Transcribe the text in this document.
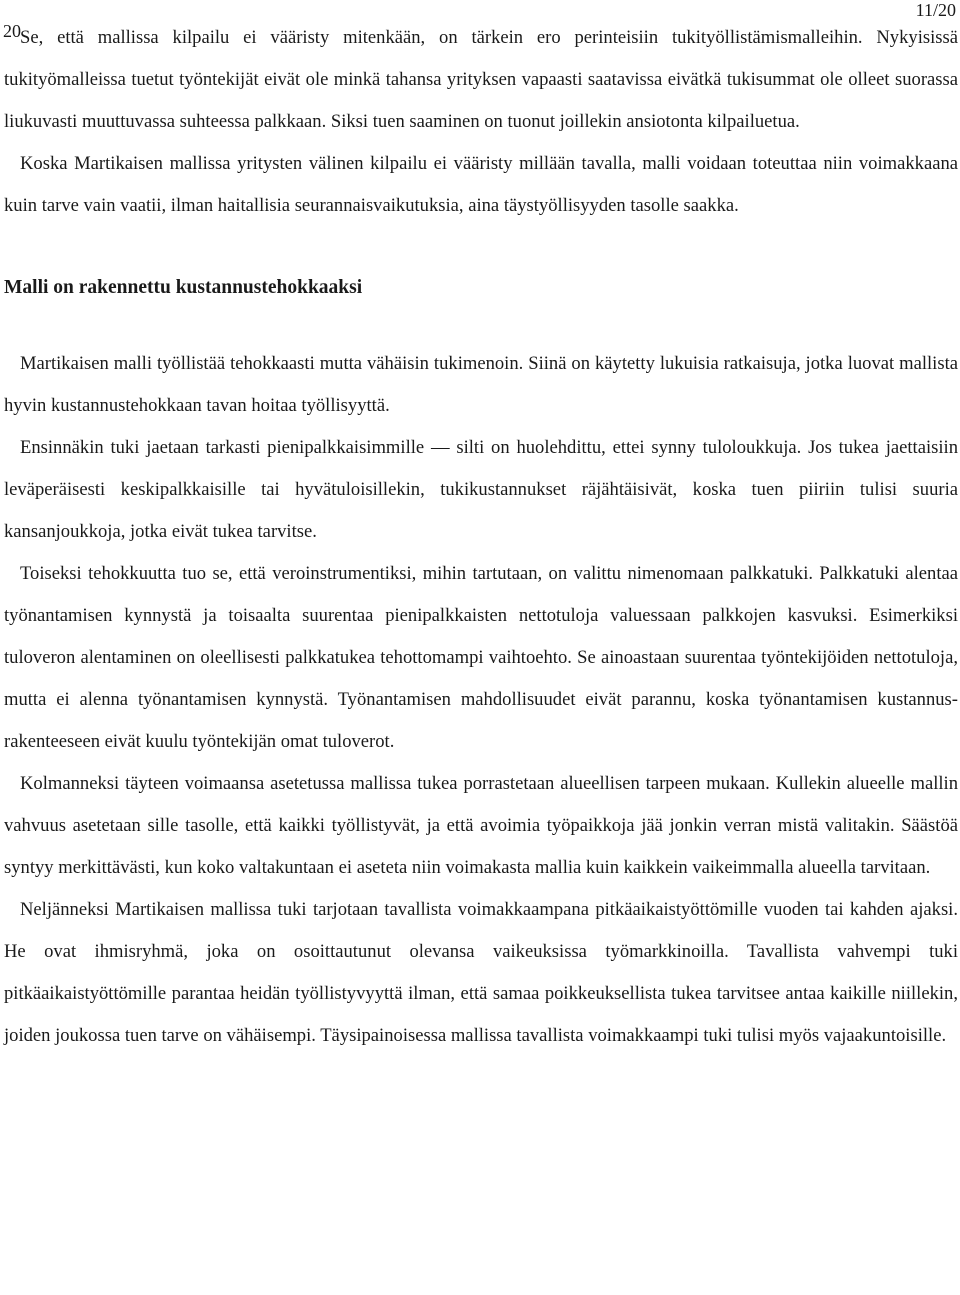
20
11/20

Se, että mallissa kilpailu ei vääristy mitenkään, on tärkein ero perinteisiin tukityöllistämismalleihin. Nykyisissä tukityömalleissa tuetut työntekijät eivät ole minkä tahansa yrityksen vapaasti saatavissa eivätkä tukisummat ole olleet suorassa liukuvasti muuttuvassa suhteessa palkkaan. Siksi tuen saaminen on tuonut joillekin ansiotonta kilpailuetua.

Koska Martikaisen mallissa yritysten välinen kilpailu ei vääristy millään tavalla, malli voidaan toteuttaa niin voimakkaana kuin tarve vain vaatii, ilman haitallisia seurannaisvaikutuksia, aina täystyöllisyyden tasolle saakka.

Malli on rakennettu kustannustehokkaaksi

Martikaisen malli työllistää tehokkaasti mutta vähäisin tukimenoin. Siinä on käytetty lukuisia ratkaisuja, jotka luovat mallista hyvin kustannustehokkaan tavan hoitaa työllisyyttä.

Ensinnäkin tuki jaetaan tarkasti pienipalkkaisimmille — silti on huolehdittu, ettei synny tuloloukkuja. Jos tukea jaettaisiin leväperäisesti keskipalkkaisille tai hyvätuloisillekin, tukikustannukset räjähtäisivät, koska tuen piiriin tulisi suuria kansanjoukkoja, jotka eivät tukea tarvitse.

Toiseksi tehokkuutta tuo se, että veroinstrumentiksi, mihin tartutaan, on valittu nimenomaan palkkatuki. Palkkatuki alentaa työnantamisen kynnystä ja toisaalta suurentaa pienipalkkaisten nettotuloja valuessaan palkkojen kasvuksi. Esimerkiksi tuloveron alentaminen on oleellisesti palkkatukea tehottomampi vaihtoehto. Se ainoastaan suurentaa työntekijöiden nettotuloja, mutta ei alenna työnantamisen kynnystä. Työnantamisen mahdollisuudet eivät parannu, koska työnantamisen kustannusrakenteeseen eivät kuulu työntekijän omat tuloverot.

Kolmanneksi täyteen voimaansa asetetussa mallissa tukea porrastetaan alueellisen tarpeen mukaan. Kullekin alueelle mallin vahvuus asetetaan sille tasolle, että kaikki työllistyvät, ja että avoimia työpaikkoja jää jonkin verran mistä valitakin. Säästöä syntyy merkittävästi, kun koko valtakuntaan ei aseteta niin voimakasta mallia kuin kaikkein vaikeimmalla alueella tarvitaan.

Neljänneksi Martikaisen mallissa tuki tarjotaan tavallista voimakkaampana pitkäaikaistyöttömille vuoden tai kahden ajaksi. He ovat ihmisryhmä, joka on osoittautunut olevansa vaikeuksissa työmarkkinoilla. Tavallista vahvempi tuki pitkäaikaistyöttömille parantaa heidän työllistyvyyttä ilman, että samaa poikkeuksellista tukea tarvitsee antaa kaikille niillekin, joiden joukossa tuen tarve on vähäisempi. Täysipainoisessa mallissa tavallista voimakkaampi tuki tulisi myös vajaakuntoisille.
